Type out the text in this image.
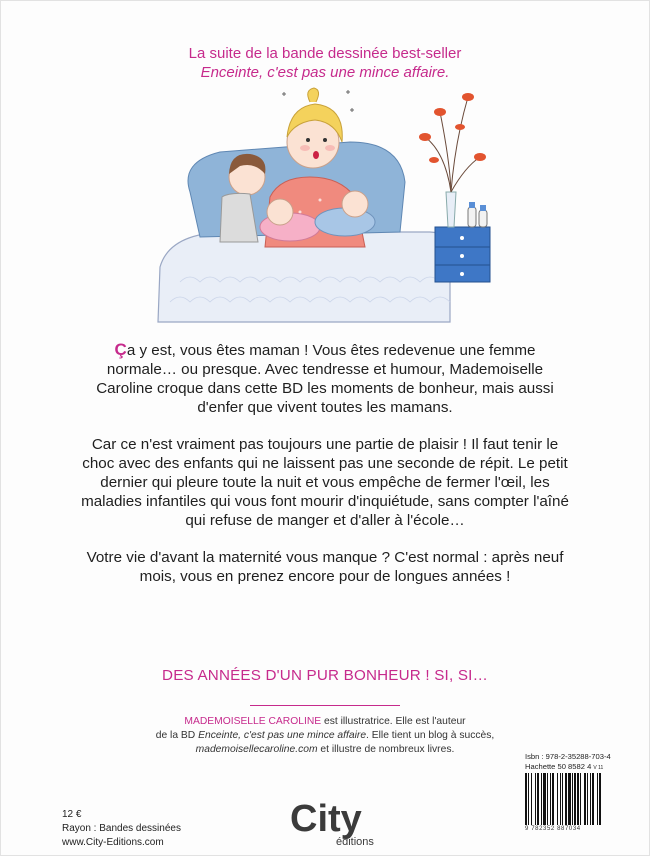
La suite de la bande dessinée best-seller
Enceinte, c'est pas une mince affaire.

Ça y est, vous êtes maman ! Vous êtes redevenue une femme normale… ou presque. Avec tendresse et humour, Mademoiselle Caroline croque dans cette BD les moments de bonheur, mais aussi d'enfer que vivent toutes les mamans.

Car ce n'est vraiment pas toujours une partie de plaisir ! Il faut tenir le choc avec des enfants qui ne laissent pas une seconde de répit. Le petit dernier qui pleure toute la nuit et vous empêche de fermer l'œil, les maladies infantiles qui vous font mourir d'inquiétude, sans compter l'aîné qui refuse de manger et d'aller à l'école…

Votre vie d'avant la maternité vous manque ? C'est normal : après neuf mois, vous en prenez encore pour de longues années !

DES ANNÉES D'UN PUR BONHEUR ! SI, SI…
MADEMOISELLE CAROLINE est illustratrice. Elle est l'auteur
de la BD Enceinte, c'est pas une mince affaire. Elle tient un blog à succès,
mademoisellecaroline.com et illustre de nombreux livres.
Isbn : 978-2-35288-703-4
Hachette 50 8582 4 V 11
9 782352 887034
12 €
Rayon : Bandes dessinées
www.City-Editions.com
City
éditions
